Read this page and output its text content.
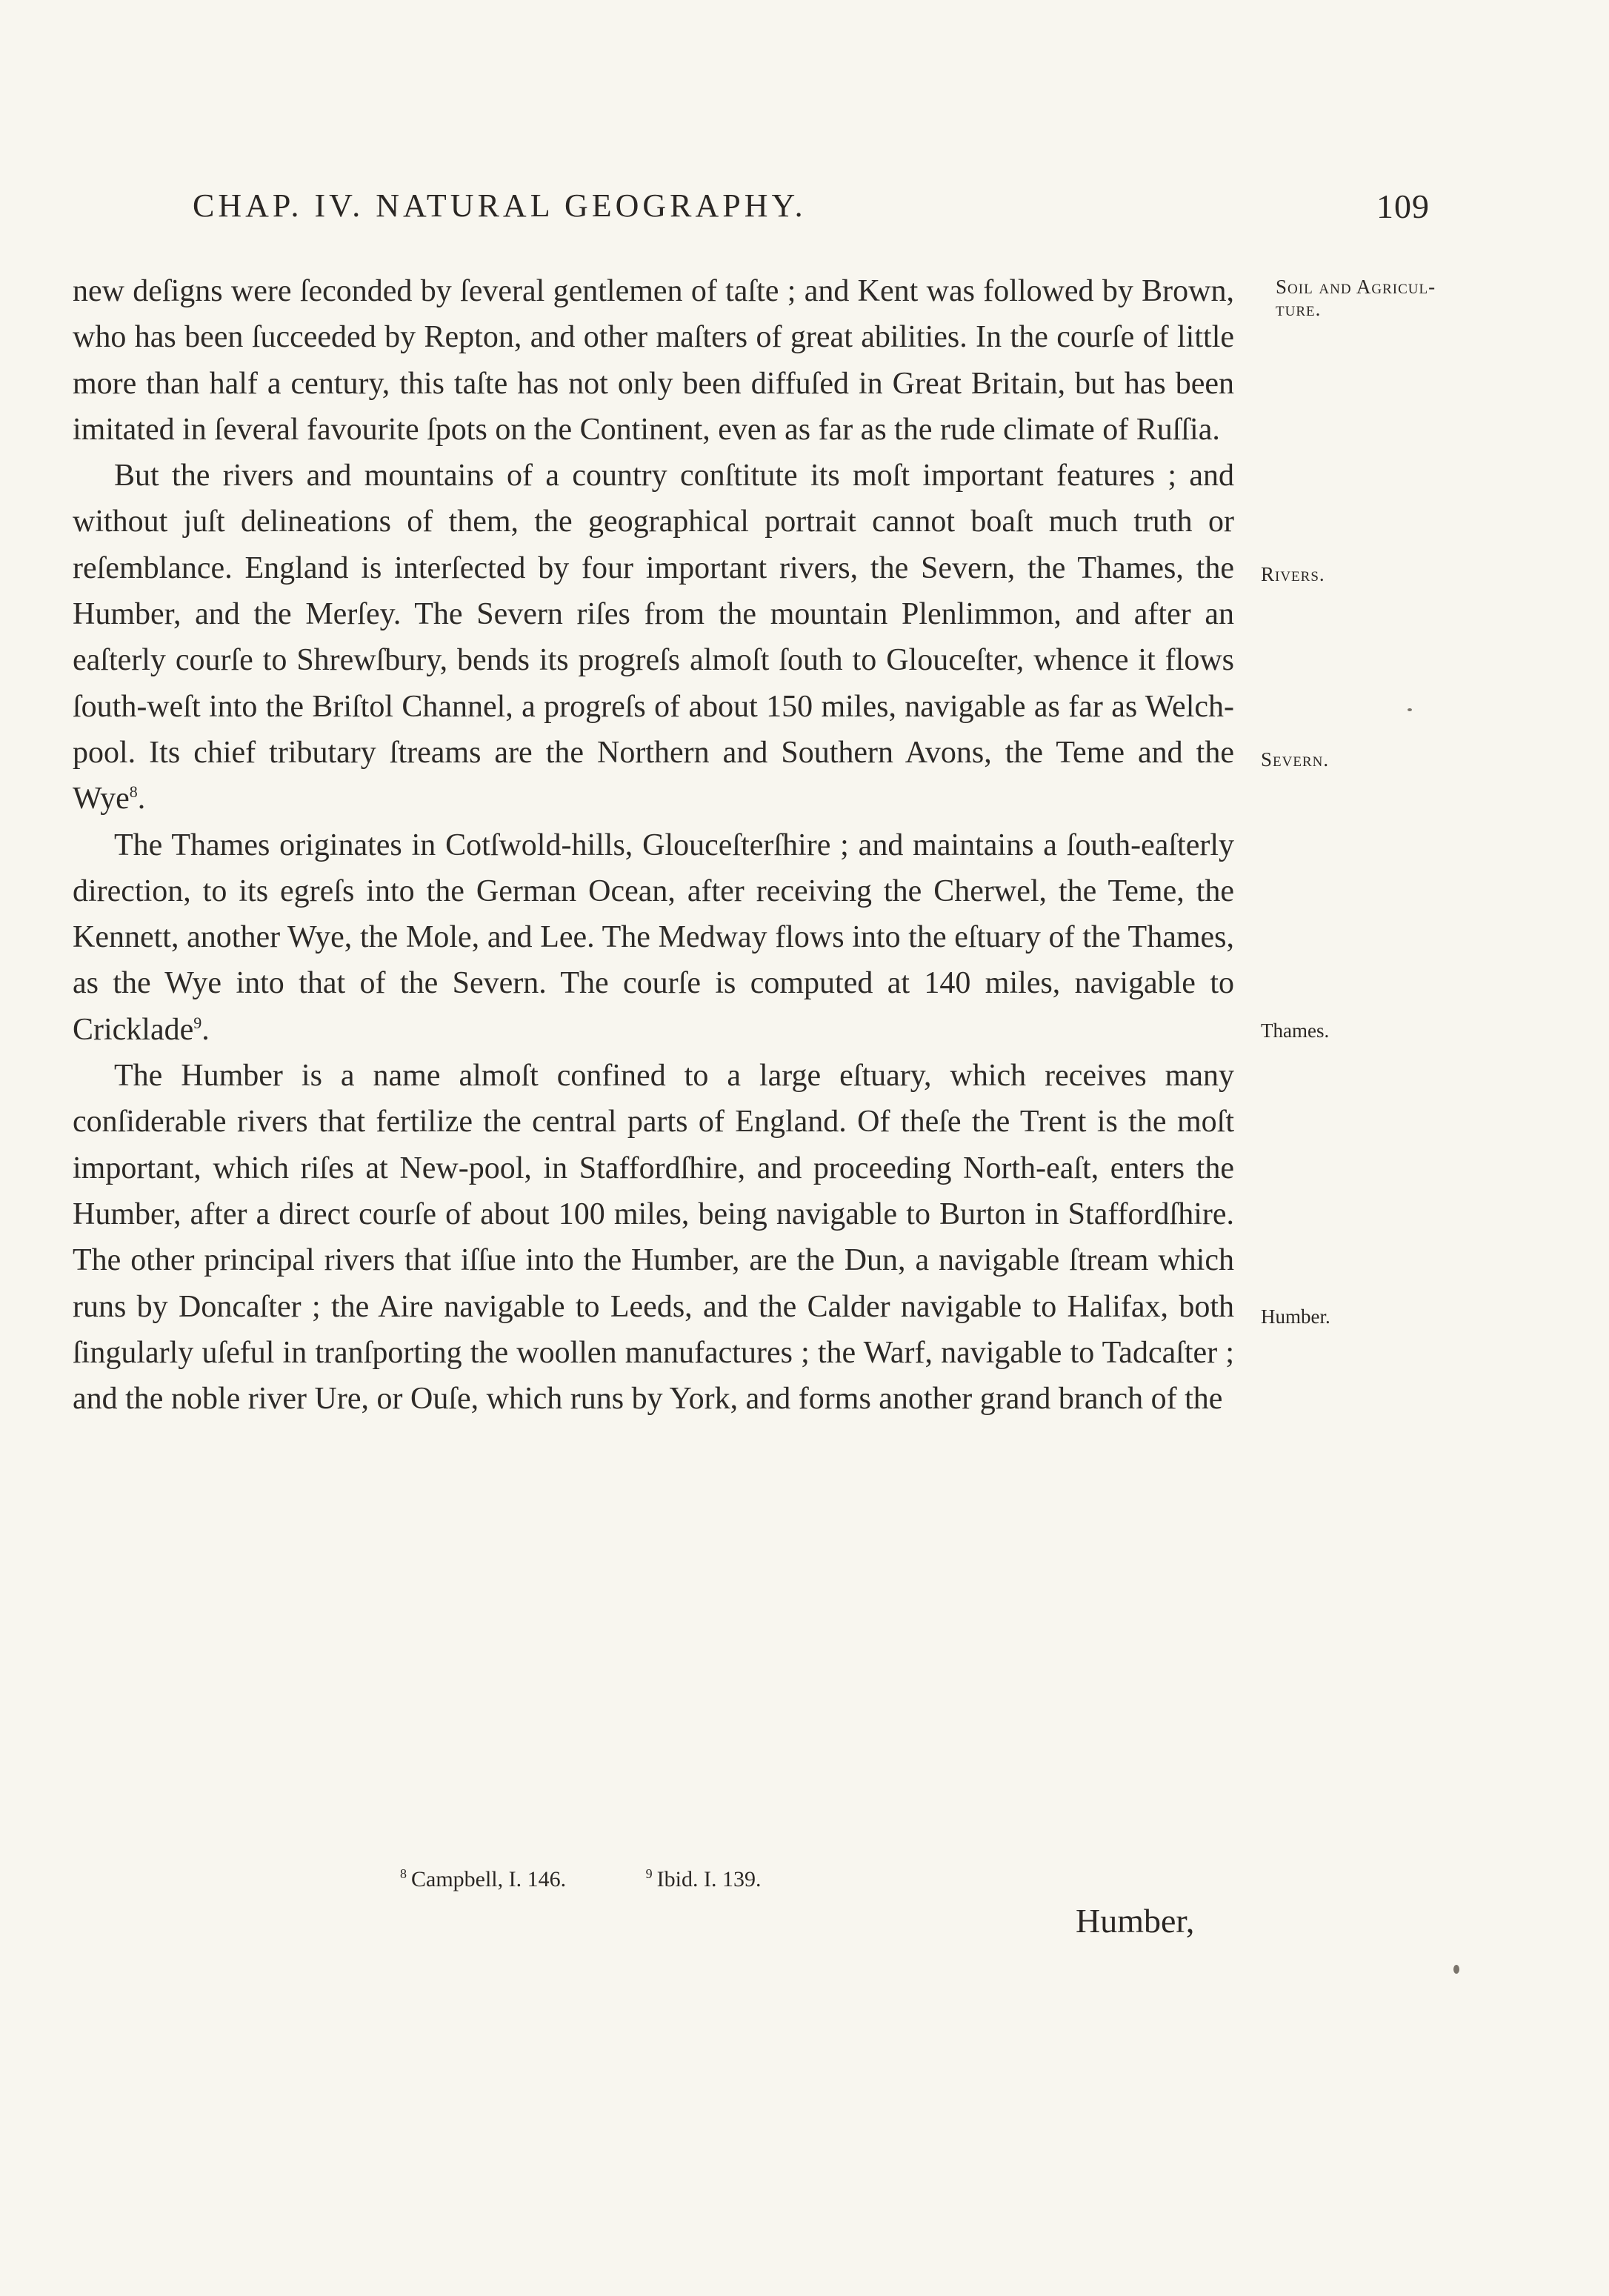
CHAP. IV. NATURAL GEOGRAPHY.	109

new deſigns were ſeconded by ſeveral gentlemen of taſte ; and Kent was followed by Brown, who has been ſucceeded by Repton, and other maſters of great abilities. In the courſe of little more than half a century, this taſte has not only been diffuſed in Great Britain, but has been imitated in ſeveral favourite ſpots on the Continent, even as far as the rude climate of Ruſſia.

But the rivers and mountains of a country conſtitute its moſt important features ; and without juſt delineations of them, the geographical portrait cannot boaſt much truth or reſemblance. England is interſected by four important rivers, the Severn, the Thames, the Humber, and the Merſey. The Severn riſes from the mountain Plenlimmon, and after an eaſterly courſe to Shrewſbury, bends its progreſs almoſt ſouth to Glouceſter, whence it flows ſouth-weſt into the Briſtol Channel, a progreſs of about 150 miles, navigable as far as Welch-pool. Its chief tributary ſtreams are the Northern and Southern Avons, the Teme and the Wye$^8$.

The Thames originates in Cotſwold-hills, Glouceſterſhire ; and maintains a ſouth-eaſterly direction, to its egreſs into the German Ocean, after receiving the Cherwel, the Teme, the Kennett, another Wye, the Mole, and Lee. The Medway flows into the eſtuary of the Thames, as the Wye into that of the Severn. The courſe is computed at 140 miles, navigable to Cricklade$^9$.

The Humber is a name almoſt confined to a large eſtuary, which receives many conſiderable rivers that fertilize the central parts of England. Of theſe the Trent is the moſt important, which riſes at New-pool, in Staffordſhire, and proceeding North-eaſt, enters the Humber, after a direct courſe of about 100 miles, being navigable to Burton in Staffordſhire. The other principal rivers that iſſue into the Humber, are the Dun, a navigable ſtream which runs by Doncaſter ; the Aire navigable to Leeds, and the Calder navigable to Halifax, both ſingularly uſeful in tranſporting the woollen manufactures ; the Warf, navigable to Tadcaſter ; and the noble river Ure, or Ouſe, which runs by York, and forms another grand branch of the

Soil and Agricul- ture.
Rivers.
Severn.
Thames.
Humber.
$^8$ Campbell, I. 146.	$^9$ Ibid. I. 139.
Humber,
